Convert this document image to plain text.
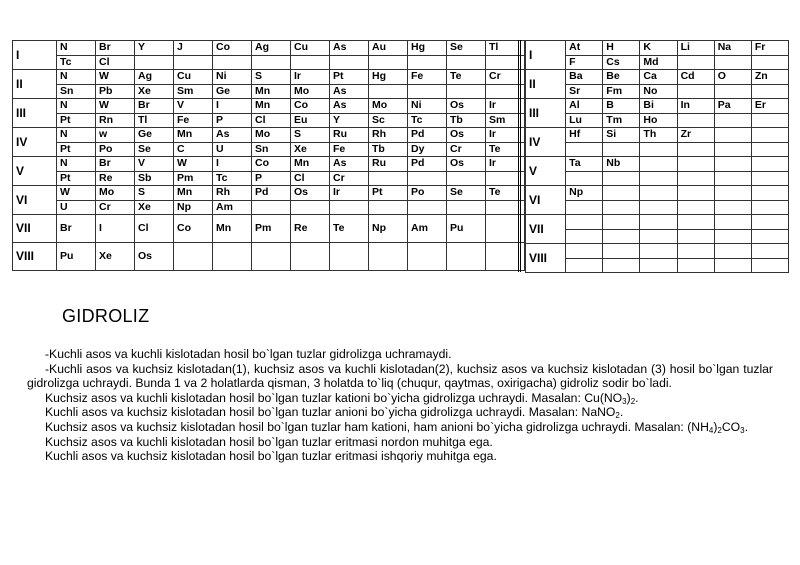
I	N	Br	Y	J	Co	Ag	Cu	As	Au	Hg	Se	Tl
	Tc	Cl										
II	N	W	Ag	Cu	Ni	S	Ir	Pt	Hg	Fe	Te	Cr
	Sn	Pb	Xe	Sm	Ge	Mn	Mo	As				
III	N	W	Br	V	I	Mn	Co	As	Mo	Ni	Os	Ir
	Pt	Rn	Tl	Fe	P	Cl	Eu	Y	Sc	Tc	Tb	Sm
IV	N	w	Ge	Mn	As	Mo	S	Ru	Rh	Pd	Os	Ir
	Pt	Po	Se	C	U	Sn	Xe	Fe	Tb	Dy	Cr	Te
V	N	Br	V	W	I	Co	Mn	As	Ru	Pd	Os	Ir
	Pt	Re	Sb	Pm	Tc	P	Cl	Cr				
VI	W	Mo	S	Mn	Rh	Pd	Os	Ir	Pt	Po	Se	Te
	U	Cr	Xe	Np	Am							
VII	Br	I	Cl	Co	Mn	Pm	Re	Te	Np	Am	Pu	
VIII	Pu	Xe	Os									
I	At	H	K	Li	Na	Fr
	F	Cs	Md			
II	Ba	Be	Ca	Cd	O	Zn
	Sr	Fm	No			
III	Al	B	Bi	In	Pa	Er
	Lu	Tm	Ho			
IV	Hf	Si	Th	Zr		

V	Ta	Nb				

VI	Np					

VII						

VIII						

GIDROLIZ

-Kuchli asos va kuchli kislotadan hosil bo`lgan tuzlar gidrolizga uchramaydi.

-Kuchli asos va kuchsiz kislotadan(1), kuchsiz asos va kuchli kislotadan(2), kuchsiz asos va kuchsiz kislotadan (3) hosil bo`lgan tuzlar gidrolizga uchraydi. Bunda 1 va 2 holatlarda qisman, 3 holatda to`liq (chuqur, qaytmas, oxirigacha) gidroliz sodir bo`ladi.

Kuchsiz asos va kuchli kislotadan hosil bo`lgan tuzlar kationi bo`yicha gidrolizga uchraydi. Masalan: $Cu(NO_3)_2$.

Kuchli asos va kuchsiz kislotadan hosil bo`lgan tuzlar anioni bo`yicha gidrolizga uchraydi. Masalan: NaNO$_2$.

Kuchsiz asos va kuchsiz kislotadan hosil bo`lgan tuzlar ham kationi, ham anioni bo`yicha gidrolizga uchraydi. Masalan: $(NH_4)_2CO_3$.

Kuchsiz asos va kuchli kislotadan hosil bo`lgan tuzlar eritmasi nordon muhitga ega.

Kuchli asos va kuchsiz kislotadan hosil bo`lgan tuzlar eritmasi ishqoriy muhitga ega.
